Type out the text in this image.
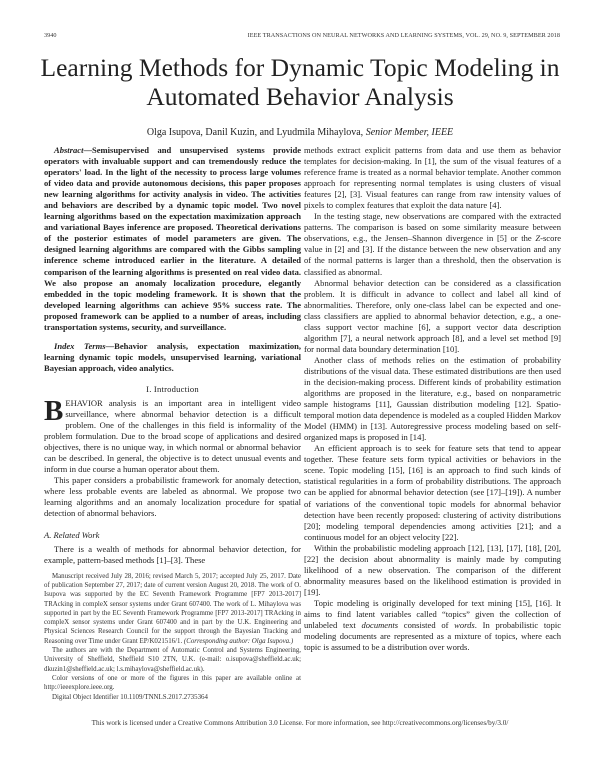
3940	IEEE TRANSACTIONS ON NEURAL NETWORKS AND LEARNING SYSTEMS, VOL. 29, NO. 9, SEPTEMBER 2018
Learning Methods for Dynamic Topic Modeling in Automated Behavior Analysis
Olga Isupova, Danil Kuzin, and Lyudmila Mihaylova, Senior Member, IEEE

Abstract—Semisupervised and unsupervised systems provide operators with invaluable support and can tremendously reduce the operators' load. In the light of the necessity to process large volumes of video data and provide autonomous decisions, this paper proposes new learning algorithms for activity analysis in video. The activities and behaviors are described by a dynamic topic model. Two novel learning algorithms based on the expectation maximization approach and variational Bayes inference are proposed. Theoretical derivations of the posterior estimates of model parameters are given. The designed learning algorithms are compared with the Gibbs sampling inference scheme introduced earlier in the literature. A detailed comparison of the learning algorithms is presented on real video data. We also propose an anomaly localization procedure, elegantly embedded in the topic modeling framework. It is shown that the developed learning algorithms can achieve 95% success rate. The proposed framework can be applied to a number of areas, including transportation systems, security, and surveillance.

Index Terms—Behavior analysis, expectation maximization, learning dynamic topic models, unsupervised learning, variational Bayesian approach, video analytics.

I. Introduction

BEHAVIOR analysis is an important area in intelligent video surveillance, where abnormal behavior detection is a difficult problem. One of the challenges in this field is informality of the problem formulation. Due to the broad scope of applications and desired objectives, there is no unique way, in which normal or abnormal behavior can be described. In general, the objective is to detect unusual events and inform in due course a human operator about them.

This paper considers a probabilistic framework for anomaly detection, where less probable events are labeled as abnormal. We propose two learning algorithms and an anomaly localization procedure for spatial detection of abnormal behaviors.

A. Related Work

There is a wealth of methods for abnormal behavior detection, for example, pattern-based methods [1]–[3]. These

Manuscript received July 28, 2016; revised March 5, 2017; accepted July 25, 2017. Date of publication September 27, 2017; date of current version August 20, 2018. The work of O. Isupova was supported by the EC Seventh Framework Programme [FP7 2013-2017] TRAcking in compleX sensor systems under Grant 607400. The work of L. Mihaylova was supported in part by the EC Seventh Framework Programme [FP7 2013-2017] TRAcking in compleX sensor systems under Grant 607400 and in part by the U.K. Engineering and Physical Sciences Research Council for the support through the Bayesian Tracking and Reasoning over Time under Grant EP/K021516/1. (Corresponding author: Olga Isupova.)

The authors are with the Department of Automatic Control and Systems Engineering, University of Sheffield, Sheffield S10 2TN, U.K. (e-mail: o.isupova@sheffield.ac.uk; dkuzin1@sheffield.ac.uk; l.s.mihaylova@sheffield.ac.uk).

Color versions of one or more of the figures in this paper are available online at http://ieeexplore.ieee.org.

Digital Object Identifier 10.1109/TNNLS.2017.2735364

methods extract explicit patterns from data and use them as behavior templates for decision-making. In [1], the sum of the visual features of a reference frame is treated as a normal behavior template. Another common approach for representing normal templates is using clusters of visual features [2], [3]. Visual features can range from raw intensity values of pixels to complex features that exploit the data nature [4].

In the testing stage, new observations are compared with the extracted patterns. The comparison is based on some similarity measure between observations, e.g., the Jensen–Shannon divergence in [5] or the Z-score value in [2] and [3]. If the distance between the new observation and any of the normal patterns is larger than a threshold, then the observation is classified as abnormal.

Abnormal behavior detection can be considered as a classification problem. It is difficult in advance to collect and label all kind of abnormalities. Therefore, only one-class label can be expected and one-class classifiers are applied to abnormal behavior detection, e.g., a one-class support vector machine [6], a support vector data description algorithm [7], a neural network approach [8], and a level set method [9] for normal data boundary determination [10].

Another class of methods relies on the estimation of probability distributions of the visual data. These estimated distributions are then used in the decision-making process. Different kinds of probability estimation algorithms are proposed in the literature, e.g., based on nonparametric sample histograms [11], Gaussian distribution modeling [12]. Spatio-temporal motion data dependence is modeled as a coupled Hidden Markov Model (HMM) in [13]. Autoregressive process modeling based on self-organized maps is proposed in [14].

An efficient approach is to seek for feature sets that tend to appear together. These feature sets form typical activities or behaviors in the scene. Topic modeling [15], [16] is an approach to find such kinds of statistical regularities in a form of probability distributions. The approach can be applied for abnormal behavior detection (see [17]–[19]). A number of variations of the conventional topic models for abnormal behavior detection have been recently proposed: clustering of activity distributions [20]; modeling temporal dependencies among activities [21]; and a continuous model for an object velocity [22].

Within the probabilistic modeling approach [12], [13], [17], [18], [20], [22] the decision about abnormality is mainly made by computing likelihood of a new observation. The comparison of the different abnormality measures based on the likelihood estimation is provided in [19].

Topic modeling is originally developed for text mining [15], [16]. It aims to find latent variables called “topics” given the collection of unlabeled text documents consisted of words. In probabilistic topic modeling documents are represented as a mixture of topics, where each topic is assumed to be a distribution over words.

This work is licensed under a Creative Commons Attribution 3.0 License. For more information, see http://creativecommons.org/licenses/by/3.0/
